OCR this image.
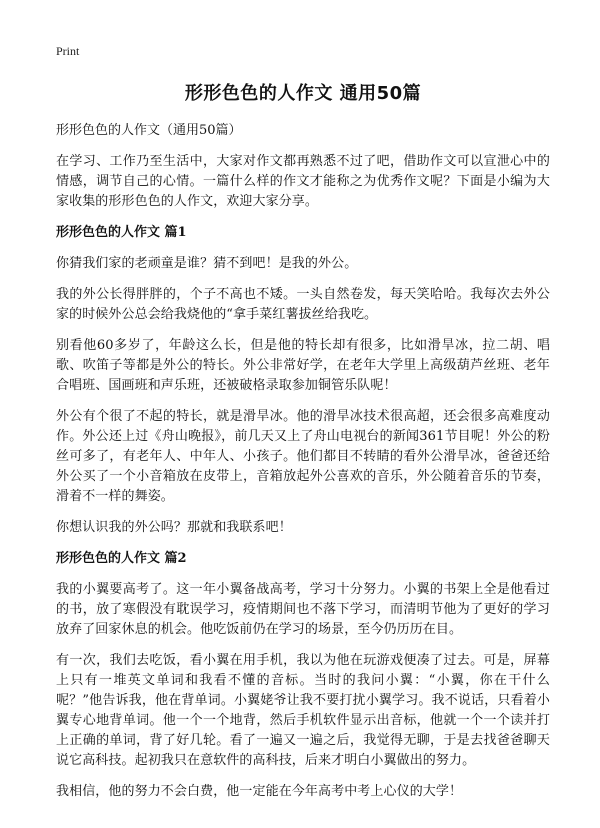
Print
形形色色的人作文 通用50篇

形形色色的人作文（通用50篇）

在学习、工作乃至生活中，大家对作文都再熟悉不过了吧，借助作文可以宣泄心中的情感，调节自己的心情。一篇什么样的作文才能称之为优秀作文呢？下面是小编为大家收集的形形色色的人作文，欢迎大家分享。

形形色色的人作文 篇1

你猜我们家的老顽童是谁？猜不到吧！是我的外公。

我的外公长得胖胖的，个子不高也不矮。一头自然卷发，每天笑哈哈。我每次去外公家的时候外公总会给我烧他的“拿手菜红薯拔丝给我吃。

别看他60多岁了，年龄这么长，但是他的特长却有很多，比如滑旱冰，拉二胡、唱歌、吹笛子等都是外公的特长。外公非常好学，在老年大学里上高级葫芦丝班、老年合唱班、国画班和声乐班，还被破格录取参加铜管乐队呢！

外公有个很了不起的特长，就是滑旱冰。他的滑旱冰技术很高超，还会很多高难度动作。外公还上过《舟山晚报》，前几天又上了舟山电视台的新闻361节目呢！外公的粉丝可多了，有老年人、中年人、小孩子。他们都目不转睛的看外公滑旱冰，爸爸还给外公买了一个小音箱放在皮带上，音箱放起外公喜欢的音乐，外公随着音乐的节奏，滑着不一样的舞姿。

你想认识我的外公吗？那就和我联系吧！

形形色色的人作文 篇2

我的小翼要高考了。这一年小翼备战高考，学习十分努力。小翼的书架上全是他看过的书，放了寒假没有耽误学习，疫情期间也不落下学习，而清明节他为了更好的学习放弃了回家休息的机会。他吃饭前仍在学习的场景，至今仍历历在目。

有一次，我们去吃饭，看小翼在用手机，我以为他在玩游戏便凑了过去。可是，屏幕上只有一堆英文单词和我看不懂的音标。当时的我问小翼：“小翼，你在干什么呢？”他告诉我，他在背单词。小翼姥爷让我不要打扰小翼学习。我不说话，只看着小翼专心地背单词。他一个一个地背，然后手机软件显示出音标，他就一个一个读并打上正确的单词，背了好几轮。看了一遍又一遍之后，我觉得无聊，于是去找爸爸聊天说它高科技。起初我只在意软件的高科技，后来才明白小翼做出的努力。

我相信，他的努力不会白费，他一定能在今年高考中考上心仪的大学！
